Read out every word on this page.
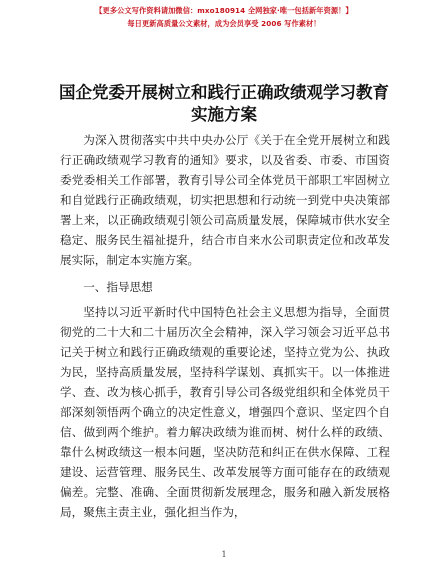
【更多公文写作资料请加微信：mxo180914 全网独家·唯一包括新年资源！】
每日更新高质量公文素材，成为会员享受 2006 写作素材！
国企党委开展树立和践行正确政绩观学习教育
实施方案

为深入贯彻落实中共中央办公厅《关于在全党开展树立和践行正确政绩观学习教育的通知》要求，以及省委、市委、市国资委党委相关工作部署，教育引导公司全体党员干部职工牢固树立和自觉践行正确政绩观，切实把思想和行动统一到党中央决策部署上来，以正确政绩观引领公司高质量发展，保障城市供水安全稳定、服务民生福祉提升，结合市自来水公司职责定位和改革发展实际，制定本实施方案。

一、指导思想

坚持以习近平新时代中国特色社会主义思想为指导，全面贯彻党的二十大和二十届历次全会精神，深入学习领会习近平总书记关于树立和践行正确政绩观的重要论述，坚持立党为公、执政为民，坚持高质量发展，坚持科学谋划、真抓实干。以一体推进学、查、改为核心抓手，教育引导公司各级党组织和全体党员干部深刻领悟两个确立的决定性意义，增强四个意识、坚定四个自信、做到两个维护。着力解决政绩为谁而树、树什么样的政绩、靠什么树政绩这一根本问题，坚决防范和纠正在供水保障、工程建设、运营管理、服务民生、改革发展等方面可能存在的政绩观偏差。完整、准确、全面贯彻新发展理念，服务和融入新发展格局，聚焦主责主业，强化担当作为，

1
